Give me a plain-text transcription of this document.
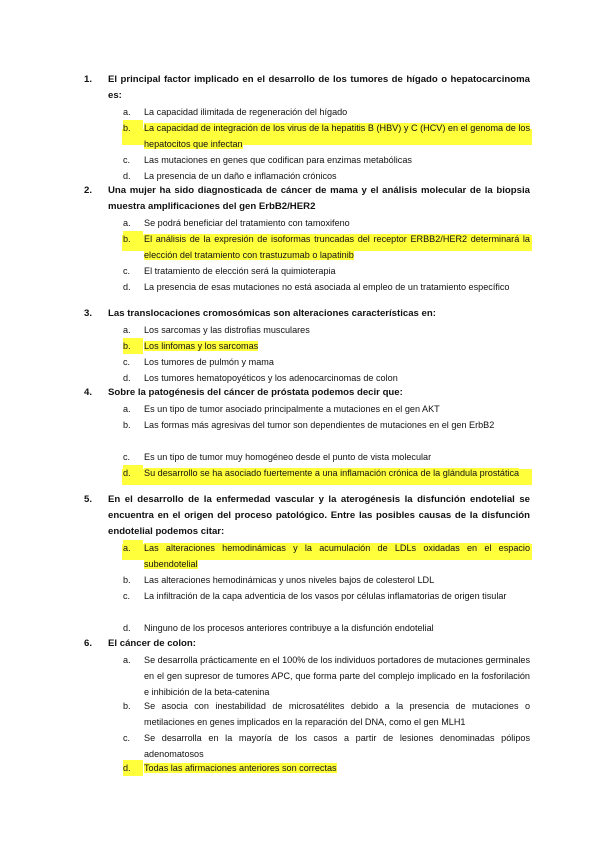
1.	El principal factor implicado en el desarrollo de los tumores de hígado o hepatocarcinoma es:
a.	La capacidad ilimitada de regeneración del hígado
b.	La capacidad de integración de los virus de la hepatitis B (HBV) y C (HCV) en el genoma de los hepatocitos que infectan
c.	Las mutaciones en genes que codifican para enzimas metabólicas
d.	La presencia de un daño e inflamación crónicos
2.	Una mujer ha sido diagnosticada de cáncer de mama y el análisis molecular de la biopsia muestra amplificaciones del gen ErbB2/HER2
a.	Se podrá beneficiar del tratamiento con tamoxifeno
b.	El análisis de la expresión de isoformas truncadas del receptor ERBB2/HER2 determinará la elección del tratamiento con trastuzumab o lapatinib
c.	El tratamiento de elección será la quimioterapia
d.	La presencia de esas mutaciones no está asociada al empleo de un tratamiento específico
3.	Las translocaciones cromosómicas son alteraciones características en:
a.	Los sarcomas y las distrofias musculares
b.	Los linfomas y los sarcomas
c.	Los tumores de pulmón y mama
d.	Los tumores hematopoyéticos y los adenocarcinomas de colon
4.	Sobre la patogénesis del cáncer de próstata podemos decir que:
a.	Es un tipo de tumor asociado principalmente a mutaciones en el gen AKT
b.	Las formas más agresivas del tumor son dependientes de mutaciones en el gen ErbB2
c.	Es un tipo de tumor muy homogéneo desde el punto de vista molecular
d.	Su desarrollo se ha asociado fuertemente a una inflamación crónica de la glándula prostática
5.	En el desarrollo de la enfermedad vascular y la aterogénesis la disfunción endotelial se encuentra en el origen del proceso patológico. Entre las posibles causas de la disfunción endotelial podemos citar:
a.	Las alteraciones hemodinámicas y la acumulación de LDLs oxidadas en el espacio subendotelial
b.	Las alteraciones hemodinámicas y unos niveles bajos de colesterol LDL
c.	La infiltración de la capa adventicia de los vasos por células inflamatorias de origen tisular
d.	Ninguno de los procesos anteriores contribuye a la disfunción endotelial
6.	El cáncer de colon:
a.	Se desarrolla prácticamente en el 100% de los individuos portadores de mutaciones germinales en el gen supresor de tumores APC, que forma parte del complejo implicado en la fosforilación e inhibición de la beta-catenina
b.	Se asocia con inestabilidad de microsatélites debido a la presencia de mutaciones o metilaciones en genes implicados en la reparación del DNA, como el gen MLH1
c.	Se desarrolla en la mayoría de los casos a partir de lesiones denominadas pólipos adenomatosos
d.	Todas las afirmaciones anteriores son correctas
